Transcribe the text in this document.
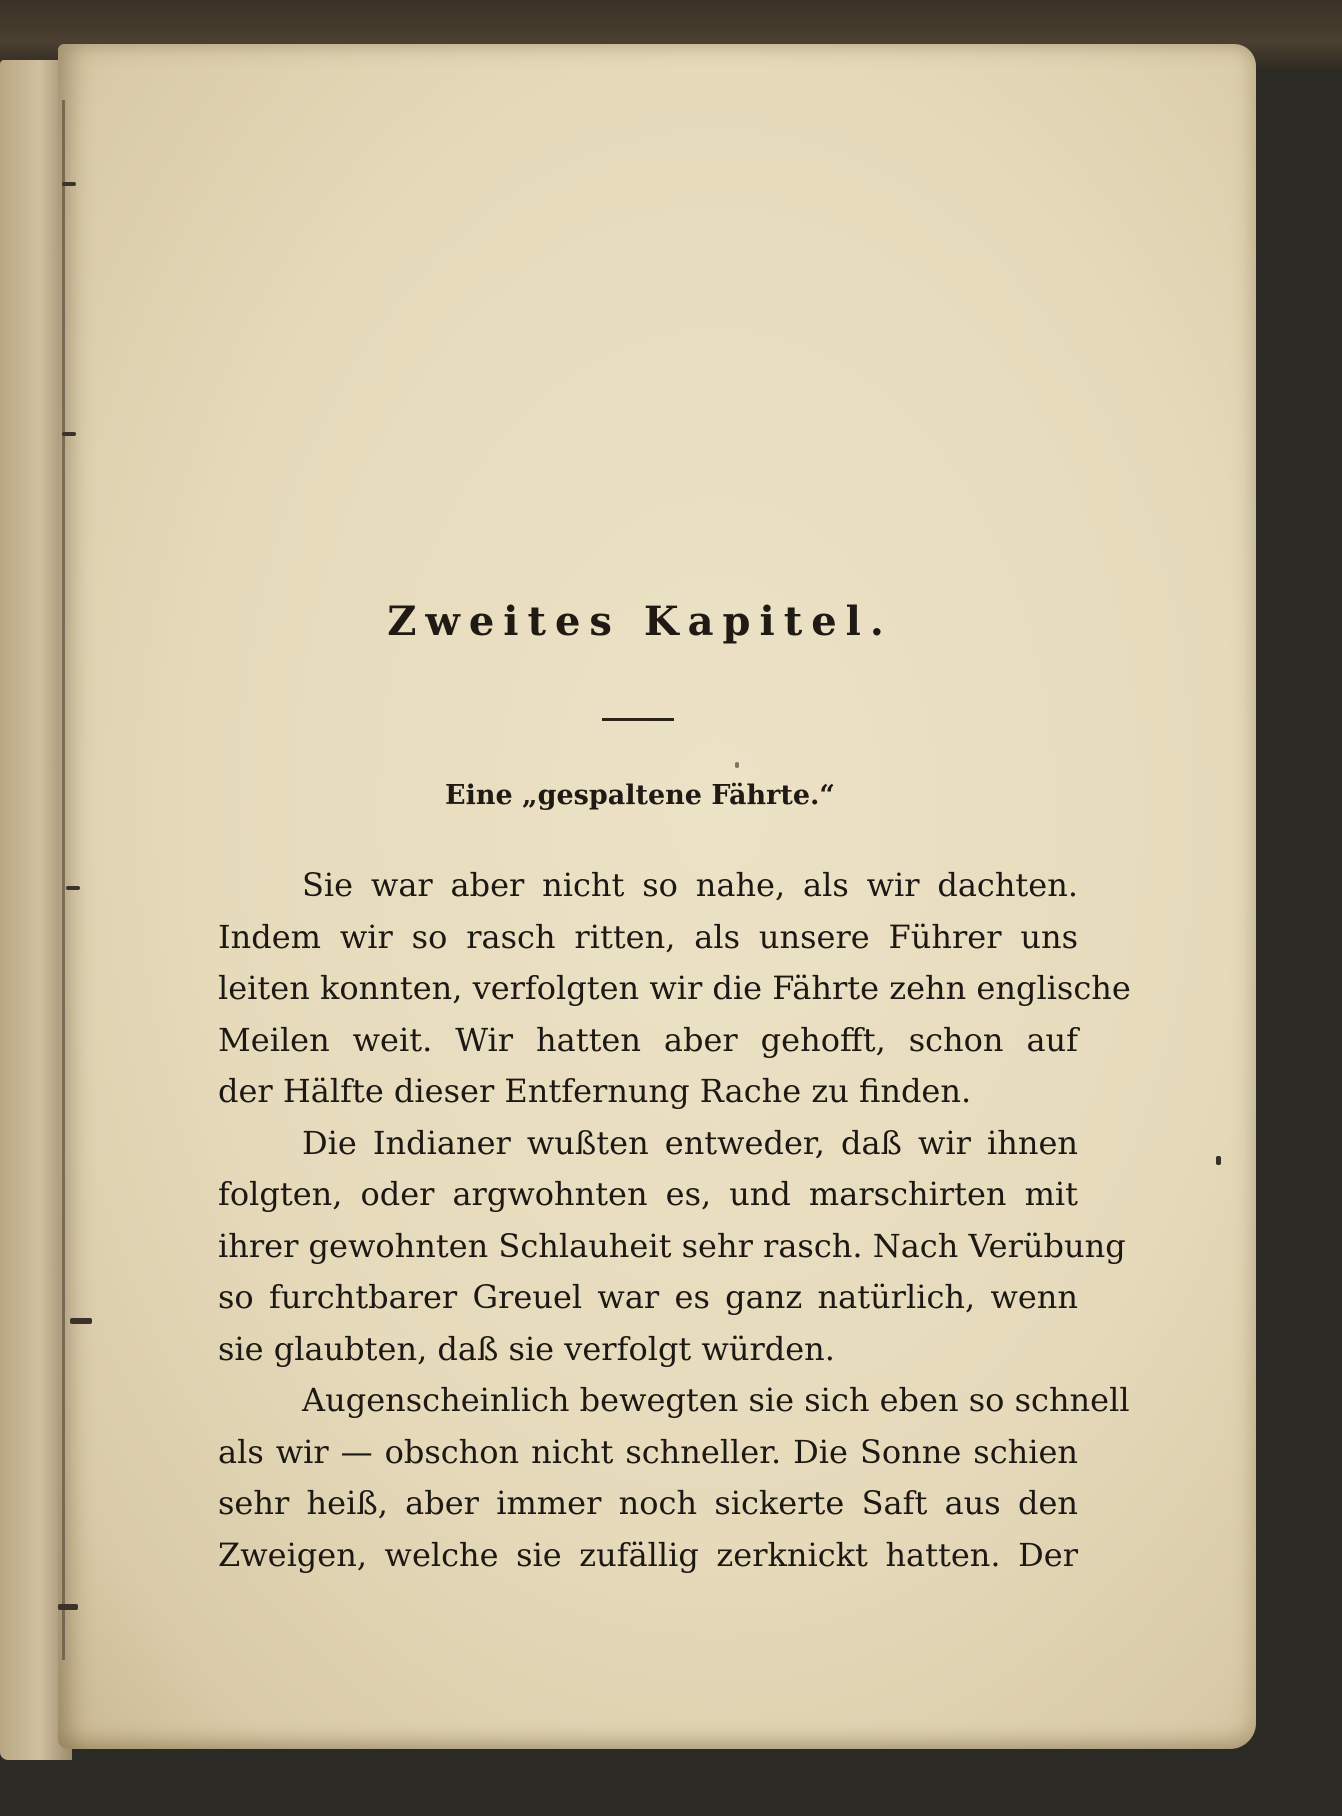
Zweites Kapitel.
Eine „gespaltene Fährte.“
Sie war aber nicht so nahe, als wir dachten.
Indem wir so rasch ritten, als unsere Führer uns
leiten konnten, verfolgten wir die Fährte zehn englische
Meilen weit. Wir hatten aber gehofft, schon auf
der Hälfte dieser Entfernung Rache zu finden.
Die Indianer wußten entweder, daß wir ihnen
folgten, oder argwohnten es, und marschirten mit
ihrer gewohnten Schlauheit sehr rasch. Nach Verübung
so furchtbarer Greuel war es ganz natürlich, wenn
sie glaubten, daß sie verfolgt würden.
Augenscheinlich bewegten sie sich eben so schnell
als wir — obschon nicht schneller. Die Sonne schien
sehr heiß, aber immer noch sickerte Saft aus den
Zweigen, welche sie zufällig zerknickt hatten. Der
